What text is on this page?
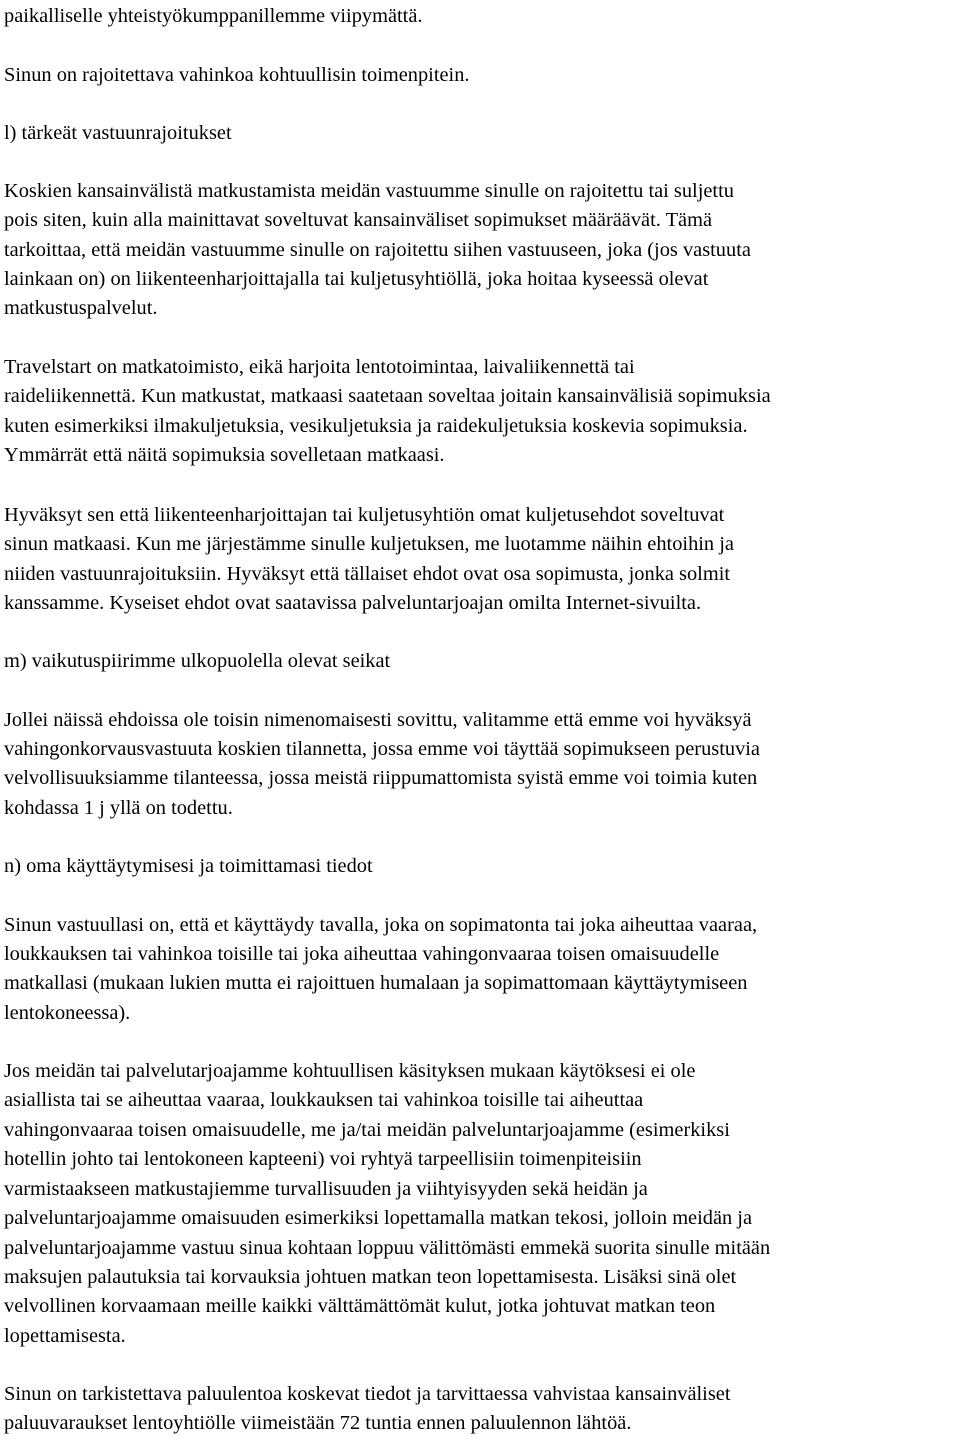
paikalliselle yhteistyökumppanillemme viipymättä.

Sinun on rajoitettava vahinkoa kohtuullisin toimenpitein.

l) tärkeät vastuunrajoitukset

Koskien kansainvälistä matkustamista meidän vastuumme sinulle on rajoitettu tai suljettu
pois siten, kuin alla mainittavat soveltuvat kansainväliset sopimukset määräävät. Tämä
tarkoittaa, että meidän vastuumme sinulle on rajoitettu siihen vastuuseen, joka (jos vastuuta
lainkaan on) on liikenteenharjoittajalla tai kuljetusyhtiöllä, joka hoitaa kyseessä olevat
matkustuspalvelut.

Travelstart on matkatoimisto, eikä harjoita lentotoimintaa, laivaliikennettä tai
raideliikennettä. Kun matkustat, matkaasi saatetaan soveltaa joitain kansainvälisiä sopimuksia
kuten esimerkiksi ilmakuljetuksia, vesikuljetuksia ja raidekuljetuksia koskevia sopimuksia.
Ymmärrät että näitä sopimuksia sovelletaan matkaasi.

Hyväksyt sen että liikenteenharjoittajan tai kuljetusyhtiön omat kuljetusehdot soveltuvat
sinun matkaasi. Kun me järjestämme sinulle kuljetuksen, me luotamme näihin ehtoihin ja
niiden vastuunrajoituksiin. Hyväksyt että tällaiset ehdot ovat osa sopimusta, jonka solmit
kanssamme. Kyseiset ehdot ovat saatavissa palveluntarjoajan omilta Internet-sivuilta.

m) vaikutuspiirimme ulkopuolella olevat seikat

Jollei näissä ehdoissa ole toisin nimenomaisesti sovittu, valitamme että emme voi hyväksyä
vahingonkorvausvastuuta koskien tilannetta, jossa emme voi täyttää sopimukseen perustuvia
velvollisuuksiamme tilanteessa, jossa meistä riippumattomista syistä emme voi toimia kuten
kohdassa 1 j yllä on todettu.

n) oma käyttäytymisesi ja toimittamasi tiedot

Sinun vastuullasi on, että et käyttäydy tavalla, joka on sopimatonta tai joka aiheuttaa vaaraa,
loukkauksen tai vahinkoa toisille tai joka aiheuttaa vahingonvaaraa toisen omaisuudelle
matkallasi (mukaan lukien mutta ei rajoittuen humalaan ja sopimattomaan käyttäytymiseen
lentokoneessa).

Jos meidän tai palvelutarjoajamme kohtuullisen käsityksen mukaan käytöksesi ei ole
asiallista tai se aiheuttaa vaaraa, loukkauksen tai vahinkoa toisille tai aiheuttaa
vahingonvaaraa toisen omaisuudelle, me ja/tai meidän palveluntarjoajamme (esimerkiksi
hotellin johto tai lentokoneen kapteeni) voi ryhtyä tarpeellisiin toimenpiteisiin
varmistaakseen matkustajiemme turvallisuuden ja viihtyisyyden sekä heidän ja
palveluntarjoajamme omaisuuden esimerkiksi lopettamalla matkan tekosi, jolloin meidän ja
palveluntarjoajamme vastuu sinua kohtaan loppuu välittömästi emmekä suorita sinulle mitään
maksujen palautuksia tai korvauksia johtuen matkan teon lopettamisesta. Lisäksi sinä olet
velvollinen korvaamaan meille kaikki välttämättömät kulut, jotka johtuvat matkan teon
lopettamisesta.

Sinun on tarkistettava paluulentoa koskevat tiedot ja tarvittaessa vahvistaa kansainväliset
paluuvaraukset lentoyhtiölle viimeistään 72 tuntia ennen paluulennon lähtöä.
